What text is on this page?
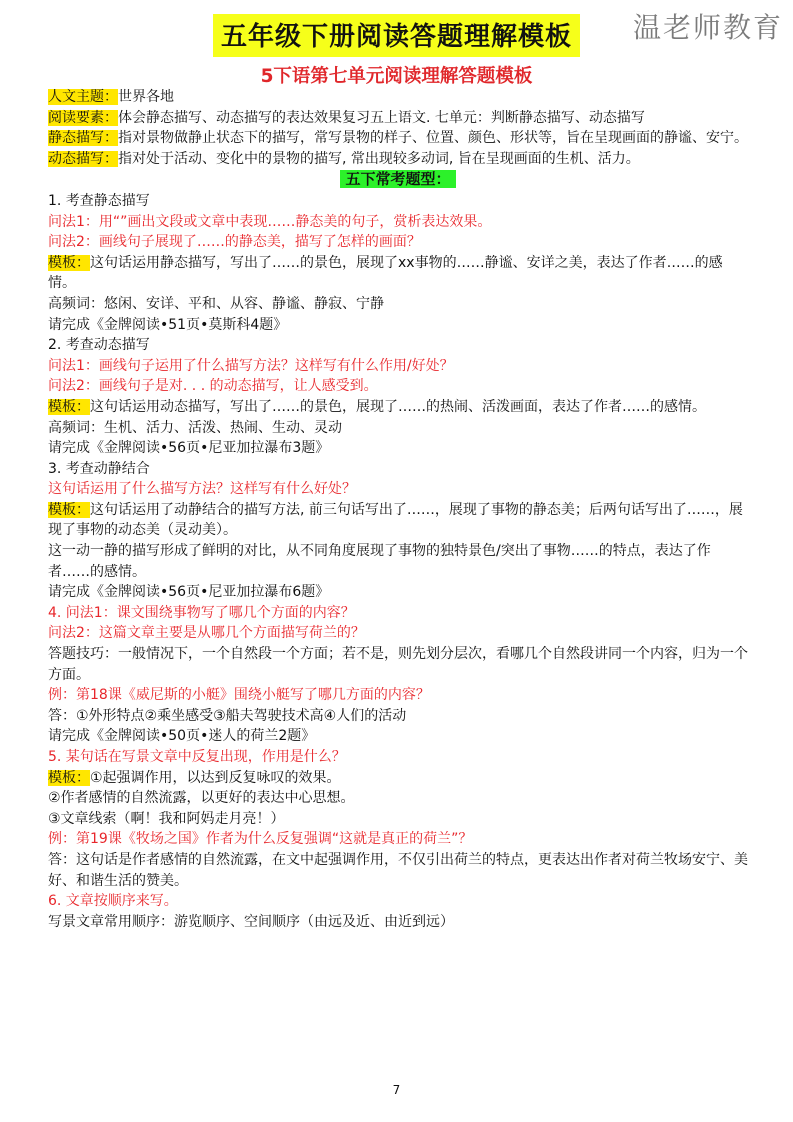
温老师教育
五年级下册阅读答题理解模板
5下语第七单元阅读理解答题模板

人文主题：世界各地

阅读要素：体会静态描写、动态描写的表达效果复习五上语文. 七单元：判断静态描写、动态描写

静态描写：指对景物做静止状态下的描写，常写景物的样子、位置、颜色、形状等，旨在呈现画面的静谧、安宁。

动态描写：指对处于活动、变化中的景物的描写, 常出现较多动词, 旨在呈现画面的生机、活力。

五下常考题型：

1. 考查静态描写

问法1：用“”画出文段或文章中表现……静态美的句子，赏析表达效果。

问法2：画线句子展现了……的静态美，描写了怎样的画面？

模板：这句话运用静态描写，写出了……的景色，展现了xx事物的……静谧、安详之美，表达了作者……的感情。

高频词：悠闲、安详、平和、从容、静谧、静寂、宁静

请完成《金牌阅读•51页•莫斯科4题》

2. 考查动态描写

问法1：画线句子运用了什么描写方法？这样写有什么作用/好处？

问法2：画线句子是对. . . 的动态描写，让人感受到。

模板：这句话运用动态描写，写出了……的景色，展现了……的热闹、活泼画面，表达了作者……的感情。

高频词：生机、活力、活泼、热闹、生动、灵动

请完成《金牌阅读•56页•尼亚加拉瀑布3题》

3. 考查动静结合

这句话运用了什么描写方法？这样写有什么好处？

模板：这句话运用了动静结合的描写方法, 前三句话写出了……，展现了事物的静态美；后两句话写出了……，展现了事物的动态美（灵动美）。

这一动一静的描写形成了鲜明的对比，从不同角度展现了事物的独特景色/突出了事物……的特点，表达了作者……的感情。

请完成《金牌阅读•56页•尼亚加拉瀑布6题》

4. 问法1：课文围绕事物写了哪几个方面的内容？

问法2：这篇文章主要是从哪几个方面描写荷兰的？

答题技巧：一般情况下，一个自然段一个方面；若不是，则先划分层次，看哪几个自然段讲同一个内容，归为一个方面。

例：第18课《威尼斯的小艇》围绕小艇写了哪几方面的内容？

答：①外形特点②乘坐感受③船夫驾驶技术高④人们的活动

请完成《金牌阅读•50页•迷人的荷兰2题》

5. 某句话在写景文章中反复出现，作用是什么？

模板：①起强调作用，以达到反复咏叹的效果。

②作者感情的自然流露，以更好的表达中心思想。

③文章线索（啊！我和阿妈走月亮！）

例：第19课《牧场之国》作者为什么反复强调“这就是真正的荷兰”？

答：这句话是作者感情的自然流露，在文中起强调作用，不仅引出荷兰的特点，更表达出作者对荷兰牧场安宁、美好、和谐生活的赞美。

6. 文章按顺序来写。

写景文章常用顺序：游览顺序、空间顺序（由远及近、由近到远）

7
